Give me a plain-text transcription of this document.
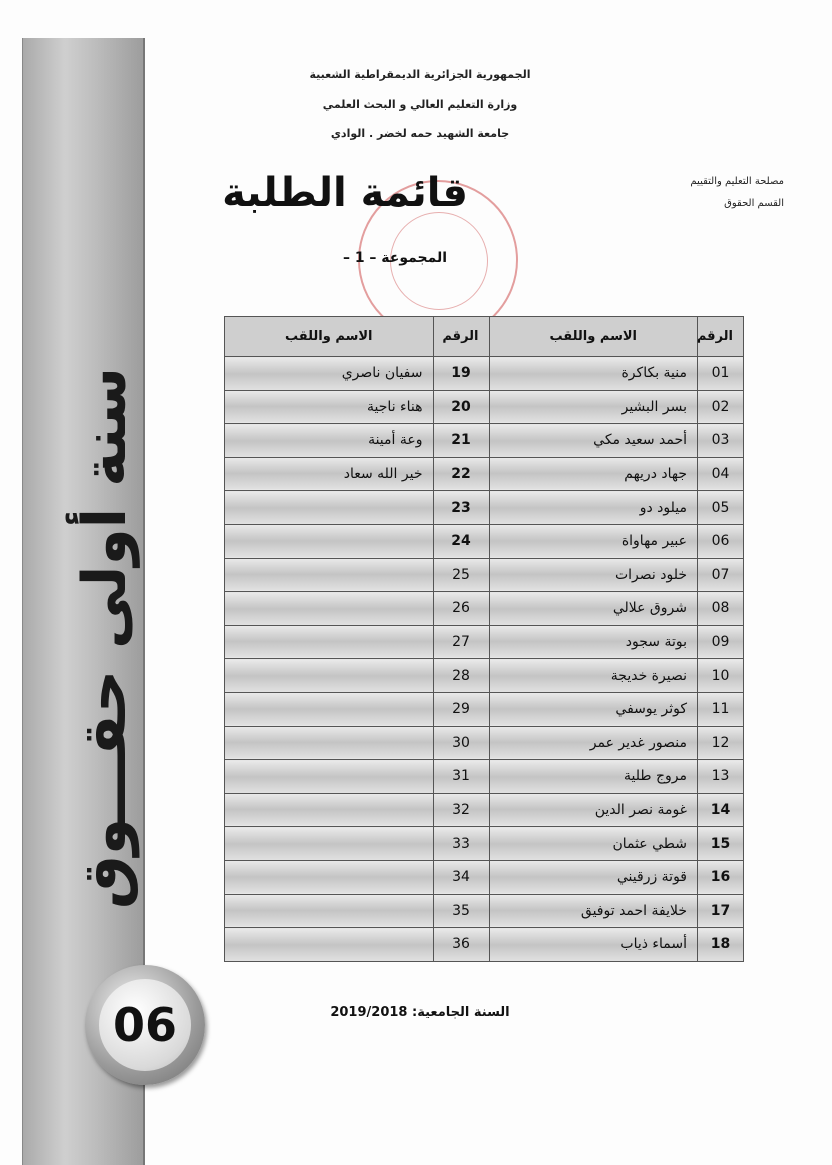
سنة أولى حقـــوق
06
الجمهورية الجزائرية الديمقراطية الشعبية
وزارة التعليم العالي و البحث العلمي
جامعة الشهيد حمه لخضر . الوادي
مصلحة التعليم والتقييم
القسم الحقوق
قائمة الطلبة
المجموعة – 1 –
الرقم	الاسم واللقب	الرقم	الاسم واللقب
01	منية بكاكرة	19	سفيان ناصري
02	بسر البشير	20	هناء ناجية
03	أحمد سعيد مكي	21	وعة أمينة
04	جهاد دريهم	22	خير الله سعاد
05	ميلود دو	23	
06	عبير مهاواة	24	
07	خلود نصرات	25	
08	شروق علالي	26	
09	بوتة سجود	27	
10	نصيرة خديجة	28	
11	كوثر يوسفي	29	
12	منصور غدير عمر	30	
13	مروج طلية	31	
14	غومة نصر الدين	32	
15	شطي عثمان	33	
16	قوتة زرقيني	34	
17	خلايفة احمد توفيق	35	
18	أسماء ذياب	36	
السنة الجامعية: 2019/2018
